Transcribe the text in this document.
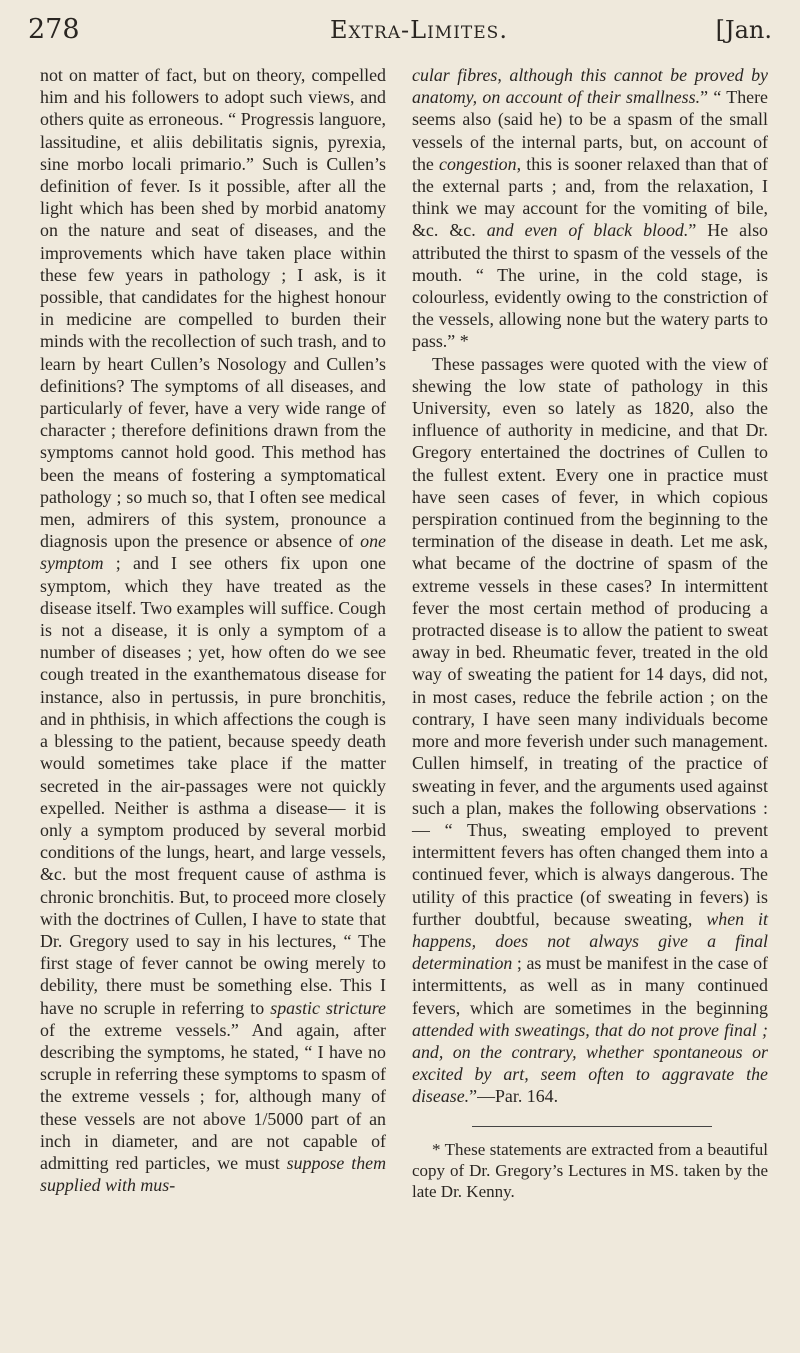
278	Extra-Limites.	[Jan.

not on matter of fact, but on theory, compelled him and his followers to adopt such views, and others quite as erroneous. “ Progressis languore, lassitudine, et aliis debilitatis signis, pyrexia, sine morbo locali primario.” Such is Cullen’s definition of fever. Is it possible, after all the light which has been shed by morbid anatomy on the nature and seat of diseases, and the improvements which have taken place within these few years in pathology ; I ask, is it possible, that candidates for the highest honour in medicine are compelled to burden their minds with the recollection of such trash, and to learn by heart Cullen’s Nosology and Cullen’s definitions? The symptoms of all diseases, and particularly of fever, have a very wide range of character ; therefore definitions drawn from the symptoms cannot hold good. This method has been the means of fostering a symptomatical pathology ; so much so, that I often see medical men, admirers of this system, pronounce a diagnosis upon the presence or absence of one symptom ; and I see others fix upon one symptom, which they have treated as the disease itself. Two examples will suffice. Cough is not a disease, it is only a symptom of a number of diseases ; yet, how often do we see cough treated in the exanthematous disease for instance, also in pertussis, in pure bronchitis, and in phthisis, in which affections the cough is a blessing to the patient, because speedy death would sometimes take place if the matter secreted in the air-passages were not quickly expelled. Neither is asthma a disease— it is only a symptom produced by several morbid conditions of the lungs, heart, and large vessels, &c. but the most frequent cause of asthma is chronic bronchitis. But, to proceed more closely with the doctrines of Cullen, I have to state that Dr. Gregory used to say in his lectures, “ The first stage of fever cannot be owing merely to debility, there must be something else. This I have no scruple in referring to spastic stricture of the extreme vessels.” And again, after describing the symptoms, he stated, “ I have no scruple in referring these symptoms to spasm of the extreme vessels ; for, although many of these vessels are not above 1/5000 part of an inch in diameter, and are not capable of admitting red particles, we must suppose them supplied with mus-

cular fibres, although this cannot be proved by anatomy, on account of their smallness.” “ There seems also (said he) to be a spasm of the small vessels of the internal parts, but, on account of the congestion, this is sooner relaxed than that of the external parts ; and, from the relaxation, I think we may account for the vomiting of bile, &c. &c. and even of black blood.” He also attributed the thirst to spasm of the vessels of the mouth. “ The urine, in the cold stage, is colourless, evidently owing to the constriction of the vessels, allowing none but the watery parts to pass.” *

These passages were quoted with the view of shewing the low state of pathology in this University, even so lately as 1820, also the influence of authority in medicine, and that Dr. Gregory entertained the doctrines of Cullen to the fullest extent. Every one in practice must have seen cases of fever, in which copious perspiration continued from the beginning to the termination of the disease in death. Let me ask, what became of the doctrine of spasm of the extreme vessels in these cases? In intermittent fever the most certain method of producing a protracted disease is to allow the patient to sweat away in bed. Rheumatic fever, treated in the old way of sweating the patient for 14 days, did not, in most cases, reduce the febrile action ; on the contrary, I have seen many individuals become more and more feverish under such management. Cullen himself, in treating of the practice of sweating in fever, and the arguments used against such a plan, makes the following observations :— “ Thus, sweating employed to prevent intermittent fevers has often changed them into a continued fever, which is always dangerous. The utility of this practice (of sweating in fevers) is further doubtful, because sweating, when it happens, does not always give a final determination ; as must be manifest in the case of intermittents, as well as in many continued fevers, which are sometimes in the beginning attended with sweatings, that do not prove final ; and, on the contrary, whether spontaneous or excited by art, seem often to aggravate the disease.”—Par. 164.

* These statements are extracted from a beautiful copy of Dr. Gregory’s Lectures in MS. taken by the late Dr. Kenny.
